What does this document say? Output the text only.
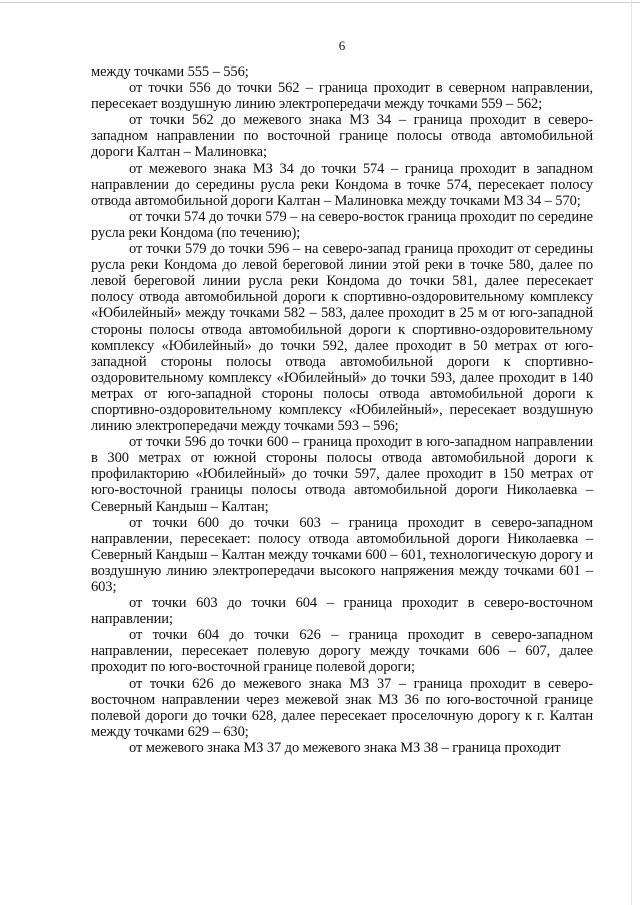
6

между точками 555 – 556;

от точки 556 до точки 562 – граница проходит в северном направлении, пересекает воздушную линию электропередачи между точками 559 – 562;

от точки 562 до межевого знака МЗ 34 – граница проходит в северо-западном направлении по восточной границе полосы отвода автомобильной дороги Калтан – Малиновка;

от межевого знака МЗ 34 до точки 574 – граница проходит в западном направлении до середины русла реки Кондома в точке 574, пересекает полосу отвода автомобильной дороги Калтан – Малиновка между точками МЗ 34 – 570;

от точки 574 до точки 579 – на северо-восток граница проходит по середине русла реки Кондома (по течению);

от точки 579 до точки 596 – на северо-запад граница проходит от середины русла реки Кондома до левой береговой линии этой реки в точке 580, далее по левой береговой линии русла реки Кондома до точки 581, далее пересекает полосу отвода автомобильной дороги к спортивно-оздоровительному комплексу «Юбилейный» между точками 582 – 583, далее проходит в 25 м от юго-западной стороны полосы отвода автомобильной дороги к спортивно-оздоровительному комплексу «Юбилейный» до точки 592, далее проходит в 50 метрах от юго-западной стороны полосы отвода автомобильной дороги к спортивно-оздоровительному комплексу «Юбилейный» до точки 593, далее проходит в 140 метрах от юго-западной стороны полосы отвода автомобильной дороги к спортивно-оздоровительному комплексу «Юбилейный», пересекает воздушную линию электропередачи между точками 593 – 596;

от точки 596 до точки 600 – граница проходит в юго-западном направлении в 300 метрах от южной стороны полосы отвода автомобильной дороги к профилакторию «Юбилейный» до точки 597, далее проходит в 150 метрах от юго-восточной границы полосы отвода автомобильной дороги Николаевка – Северный Кандыш – Калтан;

от точки 600 до точки 603 – граница проходит в северо-западном направлении, пересекает: полосу отвода автомобильной дороги Николаевка – Северный Кандыш – Калтан между точками 600 – 601, технологическую дорогу и воздушную линию электропередачи высокого напряжения между точками 601 – 603;

от точки 603 до точки 604 – граница проходит в северо-восточном направлении;

от точки 604 до точки 626 – граница проходит в северо-западном направлении, пересекает полевую дорогу между точками 606 – 607, далее проходит по юго-восточной границе полевой дороги;

от точки 626 до межевого знака МЗ 37 – граница проходит в северо-восточном направлении через межевой знак МЗ 36 по юго-восточной границе полевой дороги до точки 628, далее пересекает проселочную дорогу к г. Калтан между точками 629 – 630;

от межевого знака МЗ 37 до межевого знака МЗ 38 – граница проходит
